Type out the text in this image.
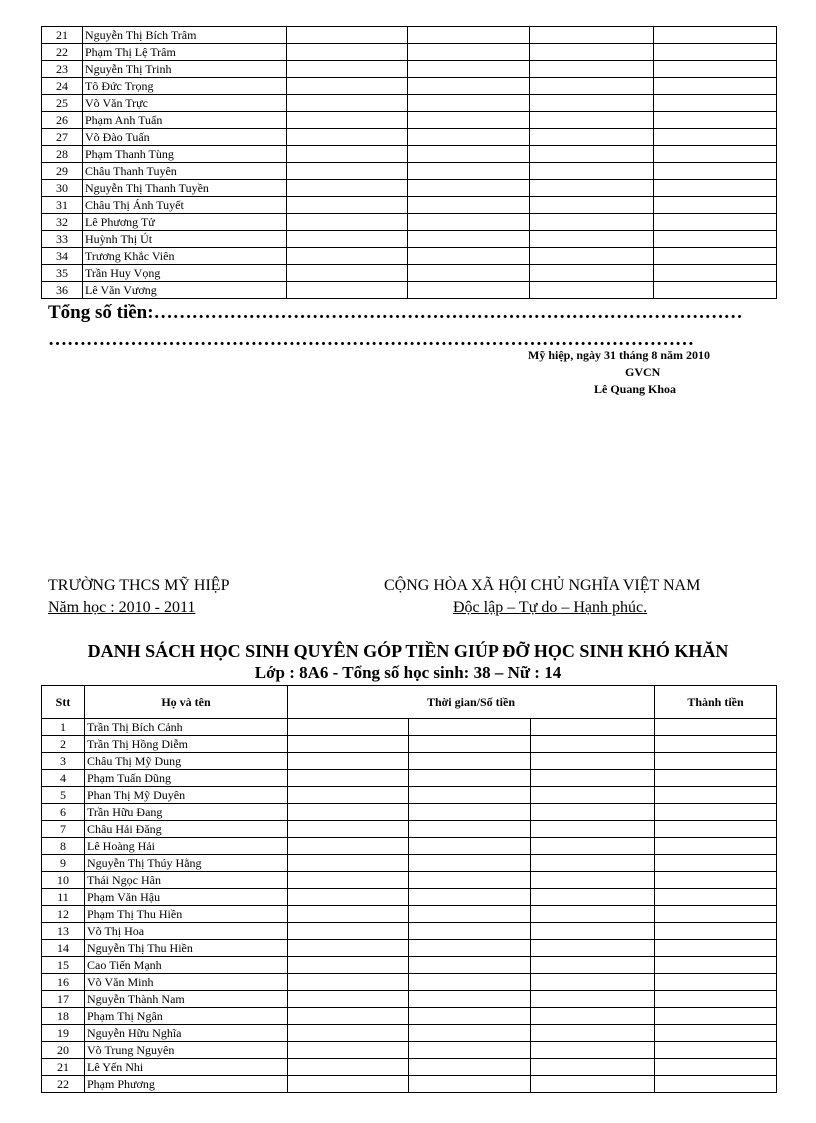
21	Nguyễn Thị Bích Trâm				
22	Phạm Thị Lệ Trâm				
23	Nguyễn Thị Trinh				
24	Tô Đức Trọng				
25	Võ Văn Trực				
26	Phạm Anh Tuấn				
27	Võ Đào Tuấn				
28	Phạm Thanh Tùng				
29	Châu Thanh Tuyên				
30	Nguyễn Thị Thanh Tuyền				
31	Châu Thị Ánh Tuyết				
32	Lê Phương Tử				
33	Huỳnh Thị Út				
34	Trương Khắc Viên				
35	Trần Huy Vọng				
36	Lê Văn Vương				
Tổng số tiền:…………………………………………………………………………………
…………………………………………………………………………………………
Mỹ hiệp, ngày 31 tháng 8 năm 2010
GVCN
Lê Quang Khoa
TRƯỜNG THCS MỸ HIỆP
Năm học : 2010 - 2011
CỘNG HÒA XÃ HỘI CHỦ NGHĨA VIỆT NAM
Độc lập – Tự do – Hạnh phúc.
DANH SÁCH HỌC SINH QUYÊN GÓP TIỀN GIÚP ĐỠ HỌC SINH KHÓ KHĂN
Lớp : 8A6 - Tổng số học sinh: 38 – Nữ : 14
Stt	Họ và tên	Thời gian/Số tiền			Thành tiền
1	Trần Thị Bích Cảnh				
2	Trần Thị Hồng Diễm				
3	Châu Thị Mỹ Dung				
4	Phạm Tuấn Dũng				
5	Phan Thị Mỹ Duyên				
6	Trần Hữu Đang				
7	Châu Hải Đăng				
8	Lê Hoàng Hải				
9	Nguyễn Thị Thúy Hằng				
10	Thái Ngọc Hân				
11	Phạm Văn Hậu				
12	Phạm Thị Thu Hiền				
13	Võ Thị Hoa				
14	Nguyễn Thị Thu Hiền				
15	Cao Tiến Mạnh				
16	Võ Văn Minh				
17	Nguyễn Thành Nam				
18	Phạm Thị Ngân				
19	Nguyễn Hữu Nghĩa				
20	Võ Trung Nguyên				
21	Lê Yến Nhi				
22	Phạm Phương				
